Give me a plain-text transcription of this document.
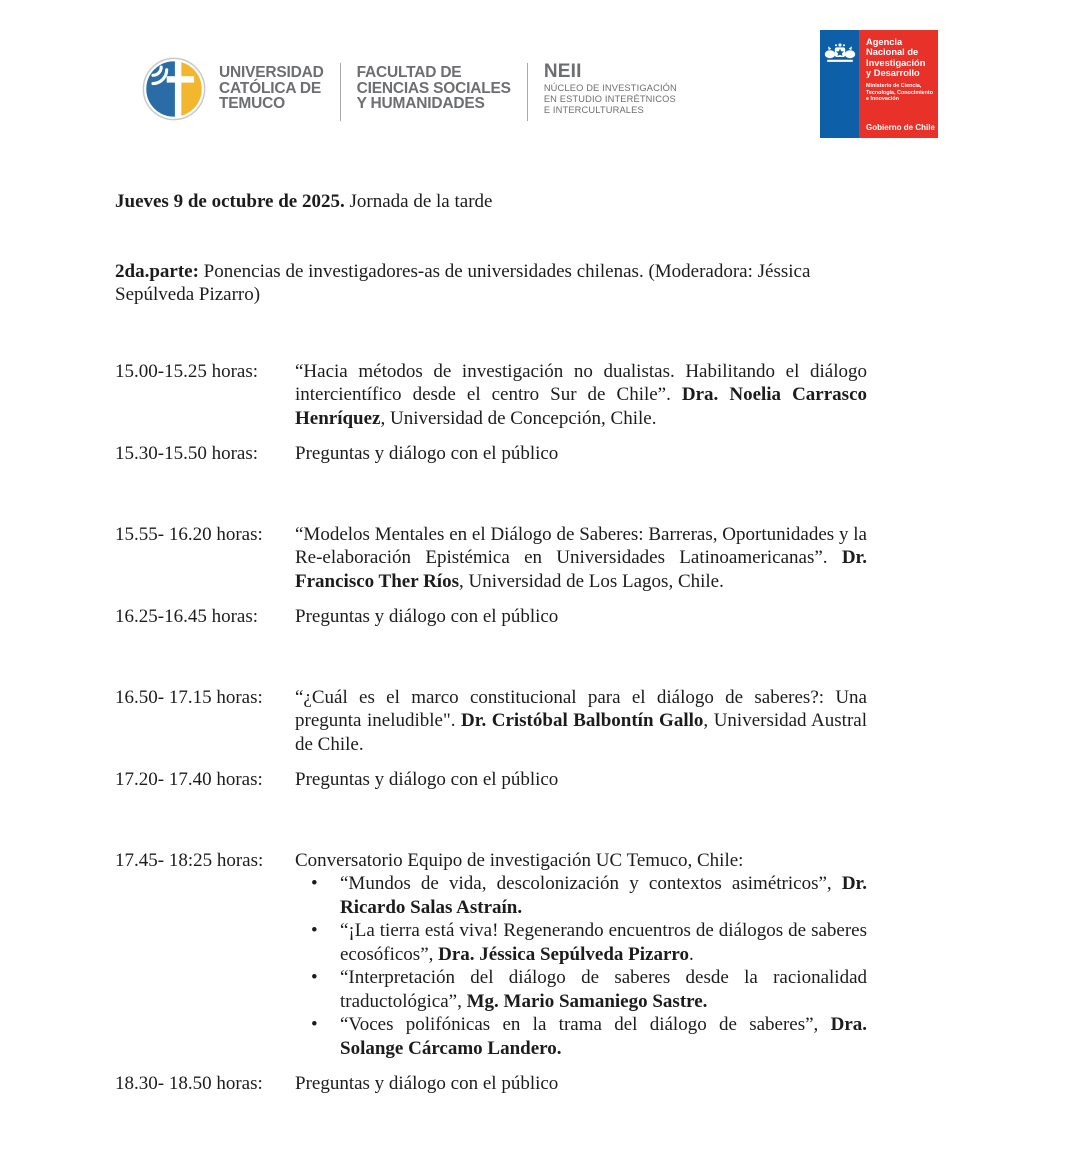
UNIVERSIDAD
CATÓLICA DE
TEMUCO
FACULTAD DE
CIENCIAS SOCIALES
Y HUMANIDADES
NEII
NÚCLEO DE INVESTIGACIÓN
EN ESTUDIO INTERÉTNICOS
E INTERCULTURALES
Agencia
Nacional de
Investigación
y Desarrollo
Ministerio de Ciencia,
Tecnología, Conocimiento
e Innovación
Gobierno de Chile

Jueves 9 de octubre de 2025. Jornada de la tarde

2da.parte: Ponencias de investigadores-as de universidades chilenas. (Moderadora: Jéssica Sepúlveda Pizarro)

15.00-15.25 horas:	“Hacia métodos de investigación no dualistas. Habilitando el diálogo intercientífico desde el centro Sur de Chile”. Dra. Noelia Carrasco Henríquez, Universidad de Concepción, Chile.
15.30-15.50 horas:	Preguntas y diálogo con el público
15.55- 16.20 horas:	“Modelos Mentales en el Diálogo de Saberes: Barreras, Oportunidades y la Re-elaboración Epistémica en Universidades Latinoamericanas”. Dr. Francisco Ther Ríos, Universidad de Los Lagos, Chile.
16.25-16.45 horas:	Preguntas y diálogo con el público
16.50- 17.15 horas:	“¿Cuál es el marco constitucional para el diálogo de saberes?: Una pregunta ineludible". Dr. Cristóbal Balbontín Gallo, Universidad Austral de Chile.
17.20- 17.40 horas:	Preguntas y diálogo con el público
17.45- 18:25 horas:	Conversatorio Equipo de investigación UC Temuco, Chile:
•	“Mundos de vida, descolonización y contextos asimétricos”, Dr. Ricardo Salas Astraín.
•	“¡La tierra está viva! Regenerando encuentros de diálogos de saberes ecosóficos”, Dra. Jéssica Sepúlveda Pizarro.
•	“Interpretación del diálogo de saberes desde la racionalidad traductológica”, Mg. Mario Samaniego Sastre.
•	“Voces polifónicas en la trama del diálogo de saberes”, Dra. Solange Cárcamo Landero.
18.30- 18.50 horas:	Preguntas y diálogo con el público
